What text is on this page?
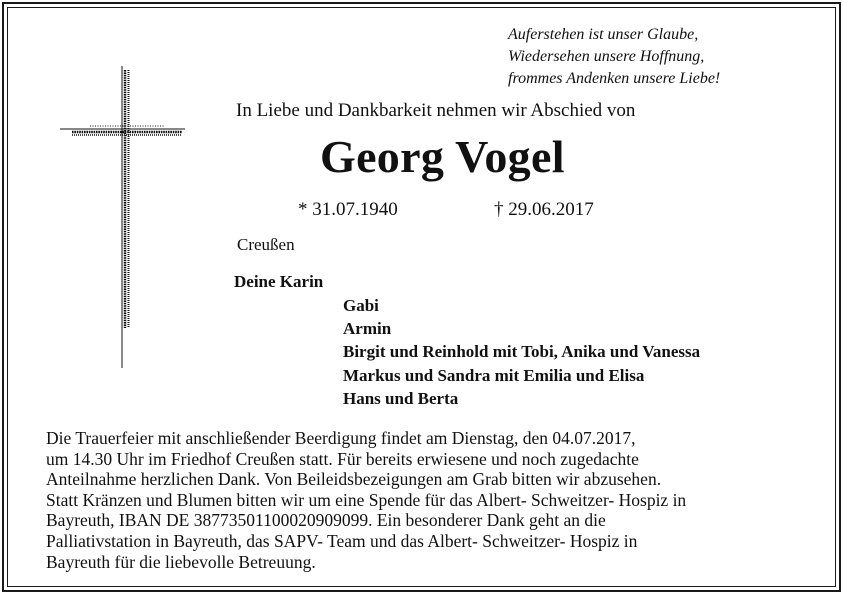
Auferstehen ist unser Glaube,
Wiedersehen unsere Hoffnung,
frommes Andenken unsere Liebe!
In Liebe und Dankbarkeit nehmen wir Abschied von
Georg Vogel
* 31.07.1940	† 29.06.2017
Creußen
Deine Karin
Gabi
Armin
Birgit und Reinhold mit Tobi, Anika und Vanessa
Markus und Sandra mit Emilia und Elisa
Hans und Berta
Die Trauerfeier mit anschließender Beerdigung findet am Dienstag, den 04.07.2017,
um 14.30 Uhr im Friedhof Creußen statt. Für bereits erwiesene und noch zugedachte
Anteilnahme herzlichen Dank. Von Beileidsbezeigungen am Grab bitten wir abzusehen.
Statt Kränzen und Blumen bitten wir um eine Spende für das Albert- Schweitzer- Hospiz in
Bayreuth, IBAN DE 38773501100020909099. Ein besonderer Dank geht an die
Palliativstation in Bayreuth, das SAPV- Team und das Albert- Schweitzer- Hospiz in
Bayreuth für die liebevolle Betreuung.
